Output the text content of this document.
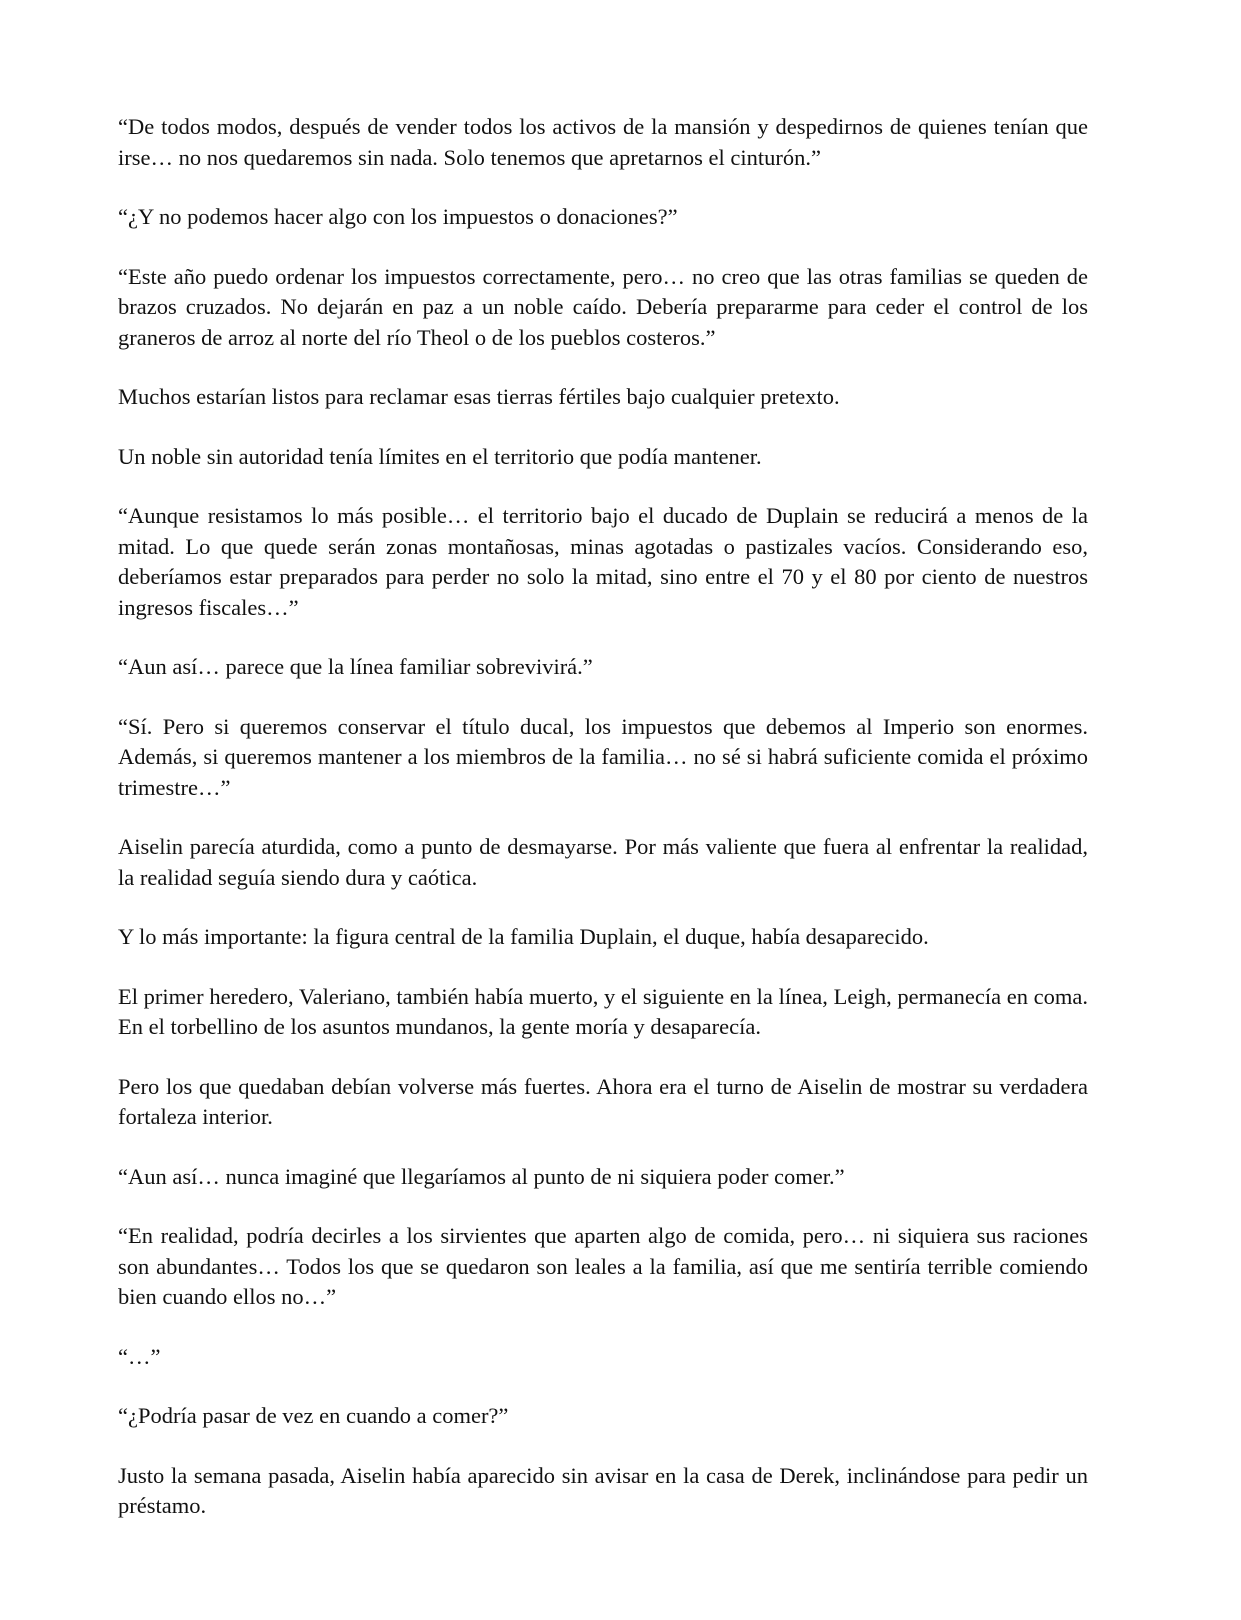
“De todos modos, después de vender todos los activos de la mansión y despedirnos de quienes tenían que irse… no nos quedaremos sin nada. Solo tenemos que apretarnos el cinturón.”

“¿Y no podemos hacer algo con los impuestos o donaciones?”

“Este año puedo ordenar los impuestos correctamente, pero… no creo que las otras familias se queden de brazos cruzados. No dejarán en paz a un noble caído. Debería prepararme para ceder el control de los graneros de arroz al norte del río Theol o de los pueblos costeros.”

Muchos estarían listos para reclamar esas tierras fértiles bajo cualquier pretexto.

Un noble sin autoridad tenía límites en el territorio que podía mantener.

“Aunque resistamos lo más posible… el territorio bajo el ducado de Duplain se reducirá a menos de la mitad. Lo que quede serán zonas montañosas, minas agotadas o pastizales vacíos. Considerando eso, deberíamos estar preparados para perder no solo la mitad, sino entre el 70 y el 80 por ciento de nuestros ingresos fiscales…”

“Aun así… parece que la línea familiar sobrevivirá.”

“Sí. Pero si queremos conservar el título ducal, los impuestos que debemos al Imperio son enormes. Además, si queremos mantener a los miembros de la familia… no sé si habrá suficiente comida el próximo trimestre…”

Aiselin parecía aturdida, como a punto de desmayarse. Por más valiente que fuera al enfrentar la realidad, la realidad seguía siendo dura y caótica.

Y lo más importante: la figura central de la familia Duplain, el duque, había desaparecido.

El primer heredero, Valeriano, también había muerto, y el siguiente en la línea, Leigh, permanecía en coma. En el torbellino de los asuntos mundanos, la gente moría y desaparecía.

Pero los que quedaban debían volverse más fuertes. Ahora era el turno de Aiselin de mostrar su verdadera fortaleza interior.

“Aun así… nunca imaginé que llegaríamos al punto de ni siquiera poder comer.”

“En realidad, podría decirles a los sirvientes que aparten algo de comida, pero… ni siquiera sus raciones son abundantes… Todos los que se quedaron son leales a la familia, así que me sentiría terrible comiendo bien cuando ellos no…”

“…”

“¿Podría pasar de vez en cuando a comer?”

Justo la semana pasada, Aiselin había aparecido sin avisar en la casa de Derek, inclinándose para pedir un préstamo.
